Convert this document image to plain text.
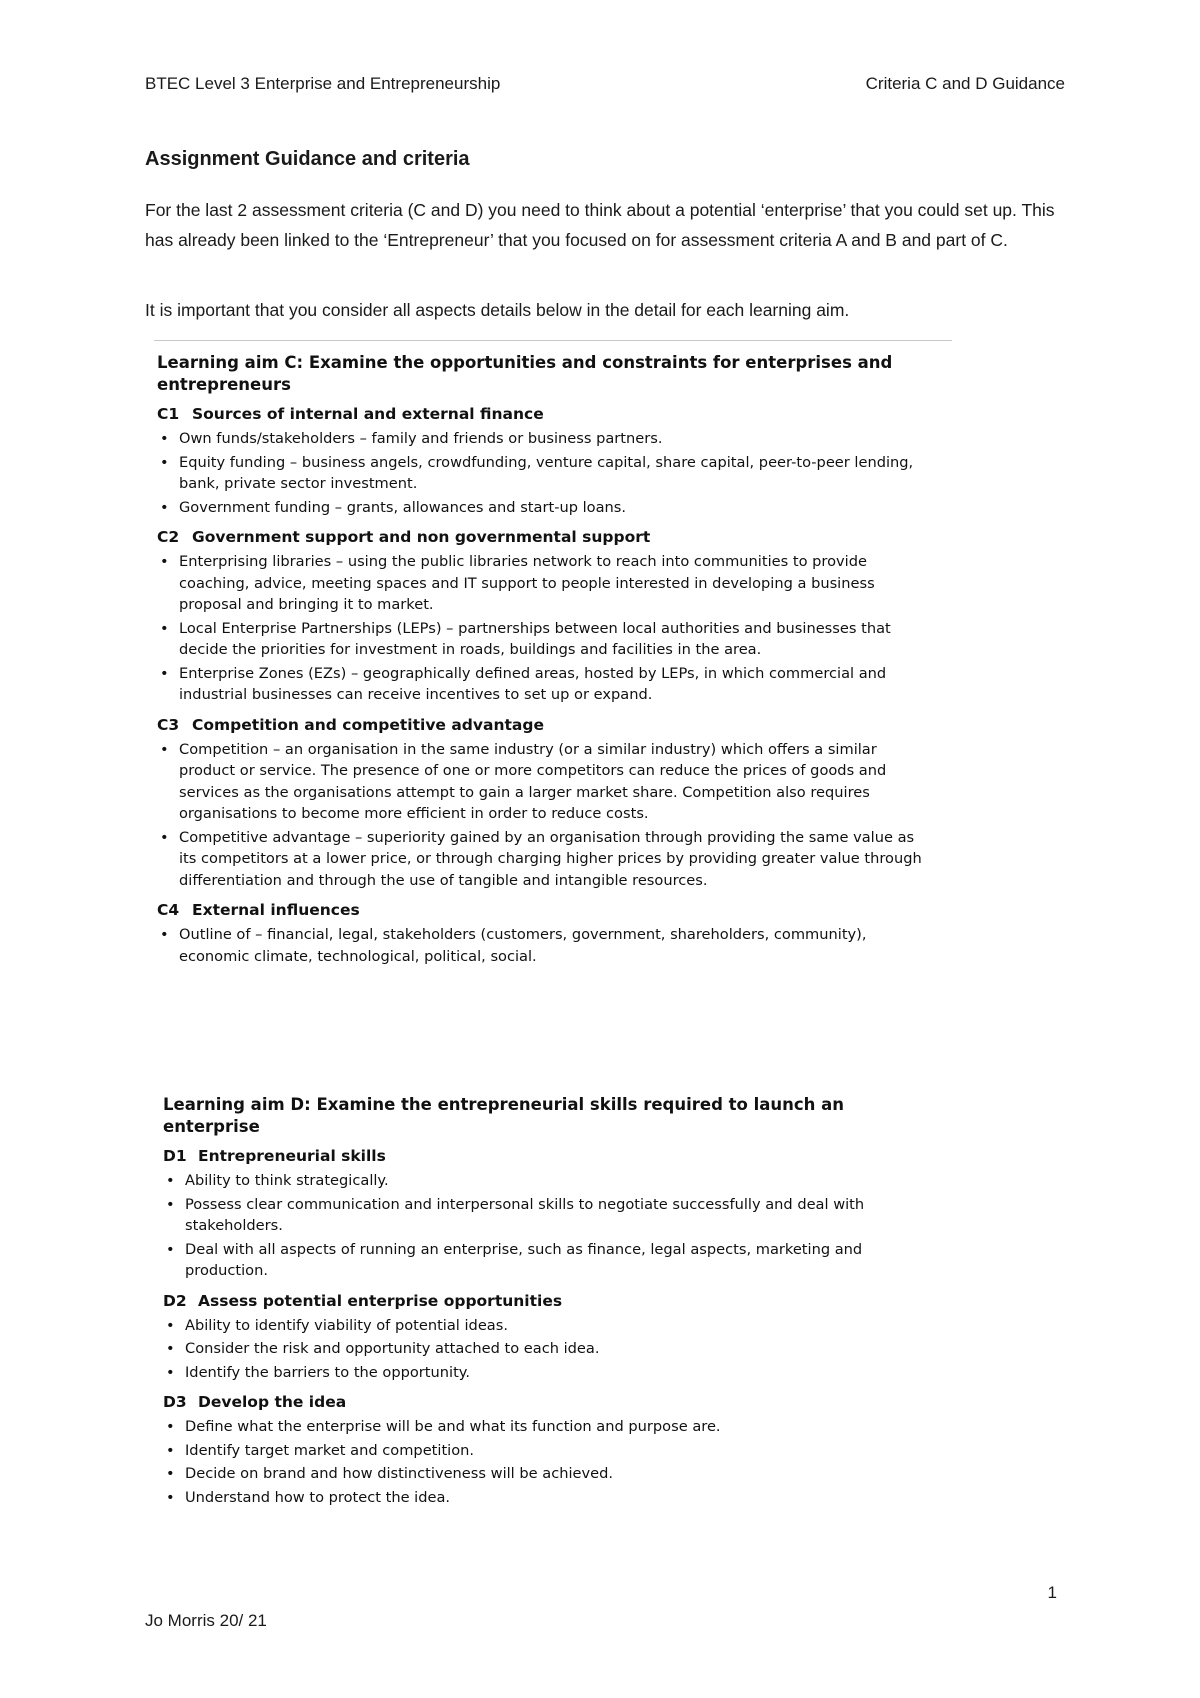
BTEC Level 3 Enterprise and Entrepreneurship	Criteria C and D Guidance
Assignment Guidance and criteria

For the last 2 assessment criteria (C and D) you need to think about a potential ‘enterprise’ that you could set up. This has already been linked to the ‘Entrepreneur’ that you focused on for assessment criteria A and B and part of C.

It is important that you consider all aspects details below in the detail for each learning aim.

Learning aim C: Examine the opportunities and constraints for enterprises and entrepreneurs
C1 Sources of internal and external finance
• Own funds/stakeholders – family and friends or business partners.
• Equity funding – business angels, crowdfunding, venture capital, share capital, peer-to-peer lending, bank, private sector investment.
• Government funding – grants, allowances and start-up loans.
C2 Government support and non governmental support
• Enterprising libraries – using the public libraries network to reach into communities to provide coaching, advice, meeting spaces and IT support to people interested in developing a business proposal and bringing it to market.
• Local Enterprise Partnerships (LEPs) – partnerships between local authorities and businesses that decide the priorities for investment in roads, buildings and facilities in the area.
• Enterprise Zones (EZs) – geographically defined areas, hosted by LEPs, in which commercial and industrial businesses can receive incentives to set up or expand.
C3 Competition and competitive advantage
• Competition – an organisation in the same industry (or a similar industry) which offers a similar product or service. The presence of one or more competitors can reduce the prices of goods and services as the organisations attempt to gain a larger market share. Competition also requires organisations to become more efficient in order to reduce costs.
• Competitive advantage – superiority gained by an organisation through providing the same value as its competitors at a lower price, or through charging higher prices by providing greater value through differentiation and through the use of tangible and intangible resources.
C4 External influences
• Outline of – financial, legal, stakeholders (customers, government, shareholders, community), economic climate, technological, political, social.
Learning aim D: Examine the entrepreneurial skills required to launch an enterprise
D1 Entrepreneurial skills
• Ability to think strategically.
• Possess clear communication and interpersonal skills to negotiate successfully and deal with stakeholders.
• Deal with all aspects of running an enterprise, such as finance, legal aspects, marketing and production.
D2 Assess potential enterprise opportunities
• Ability to identify viability of potential ideas.
• Consider the risk and opportunity attached to each idea.
• Identify the barriers to the opportunity.
D3 Develop the idea
• Define what the enterprise will be and what its function and purpose are.
• Identify target market and competition.
• Decide on brand and how distinctiveness will be achieved.
• Understand how to protect the idea.
1
Jo Morris 20/ 21
